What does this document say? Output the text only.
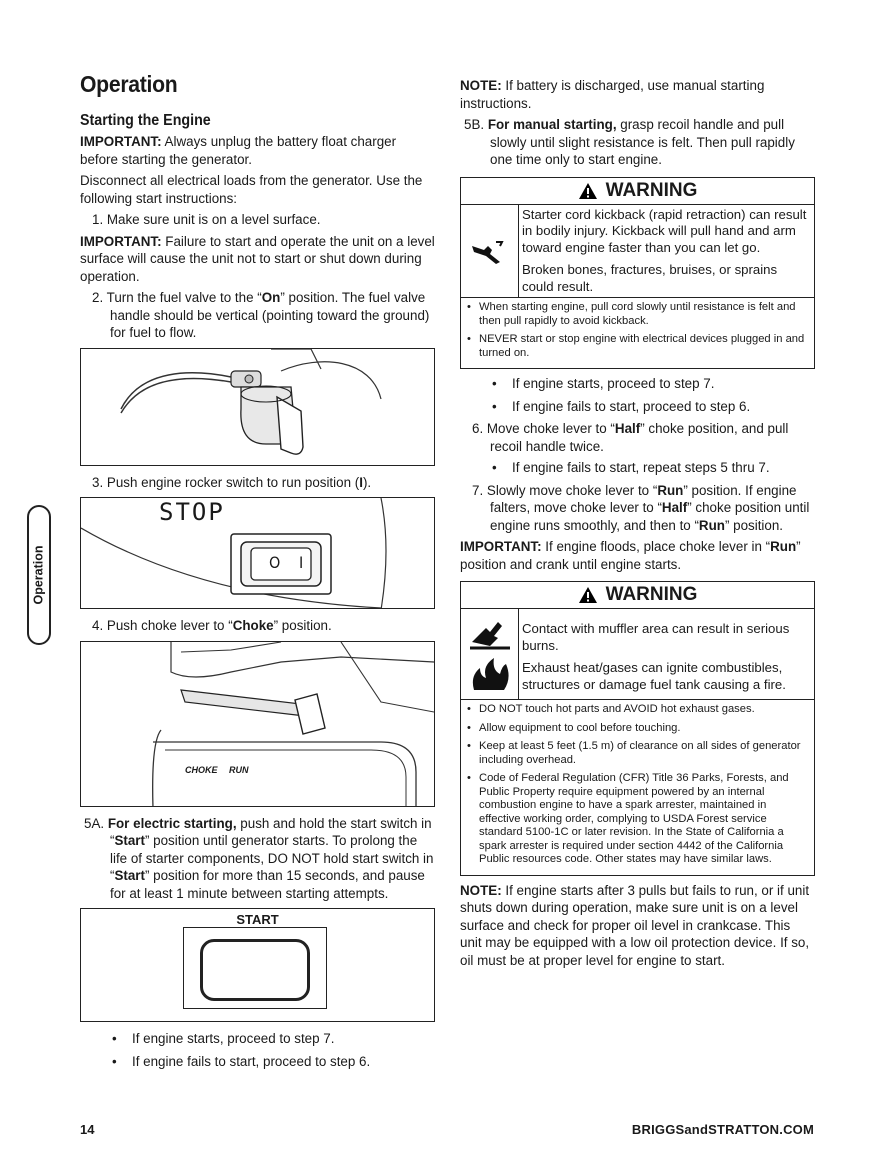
Operation
Operation
Starting the Engine

IMPORTANT: Always unplug the battery float charger before starting the generator.

Disconnect all electrical loads from the generator. Use the following start instructions:

1. Make sure unit is on a level surface.

IMPORTANT: Failure to start and operate the unit on a level surface will cause the unit not to start or shut down during operation.

2. Turn the fuel valve to the “On” position. The fuel valve handle should be vertical (pointing toward the ground) for fuel to flow.

3. Push engine rocker switch to run position (I).

STOP
O I

4. Push choke lever to “Choke” position.

CHOKE RUN

5A. For electric starting, push and hold the start switch in “Start” position until generator starts. To prolong the life of starter components, DO NOT hold start switch in “Start” position for more than 15 seconds, and pause for at least 1 minute between starting attempts.

START

• If engine starts, proceed to step 7.

• If engine fails to start, proceed to step 6.

NOTE: If battery is discharged, use manual starting instructions.

5B. For manual starting, grasp recoil handle and pull slowly until slight resistance is felt. Then pull rapidly one time only to start engine.

WARNING

Starter cord kickback (rapid retraction) can result in bodily injury. Kickback will pull hand and arm toward engine faster than you can let go.

Broken bones, fractures, bruises, or sprains could result.

• When starting engine, pull cord slowly until resistance is felt and then pull rapidly to avoid kickback.
• NEVER start or stop engine with electrical devices plugged in and turned on.

• If engine starts, proceed to step 7.

• If engine fails to start, proceed to step 6.

6. Move choke lever to “Half” choke position, and pull recoil handle twice.

• If engine fails to start, repeat steps 5 thru 7.

7. Slowly move choke lever to “Run” position. If engine falters, move choke lever to “Half” choke position until engine runs smoothly, and then to “Run” position.

IMPORTANT: If engine floods, place choke lever in “Run” position and crank until engine starts.

WARNING

Contact with muffler area can result in serious burns.

Exhaust heat/gases can ignite combustibles, structures or damage fuel tank causing a fire.

• DO NOT touch hot parts and AVOID hot exhaust gases.
• Allow equipment to cool before touching.
• Keep at least 5 feet (1.5 m) of clearance on all sides of generator including overhead.
• Code of Federal Regulation (CFR) Title 36 Parks, Forests, and Public Property require equipment powered by an internal combustion engine to have a spark arrester, maintained in effective working order, complying to USDA Forest service standard 5100-1C or later revision. In the State of California a spark arrester is required under section 4442 of the California Public resources code. Other states may have similar laws.

NOTE: If engine starts after 3 pulls but fails to run, or if unit shuts down during operation, make sure unit is on a level surface and check for proper oil level in crankcase. This unit may be equipped with a low oil protection device. If so, oil must be at proper level for engine to start.

14	BRIGGSandSTRATTON.COM
